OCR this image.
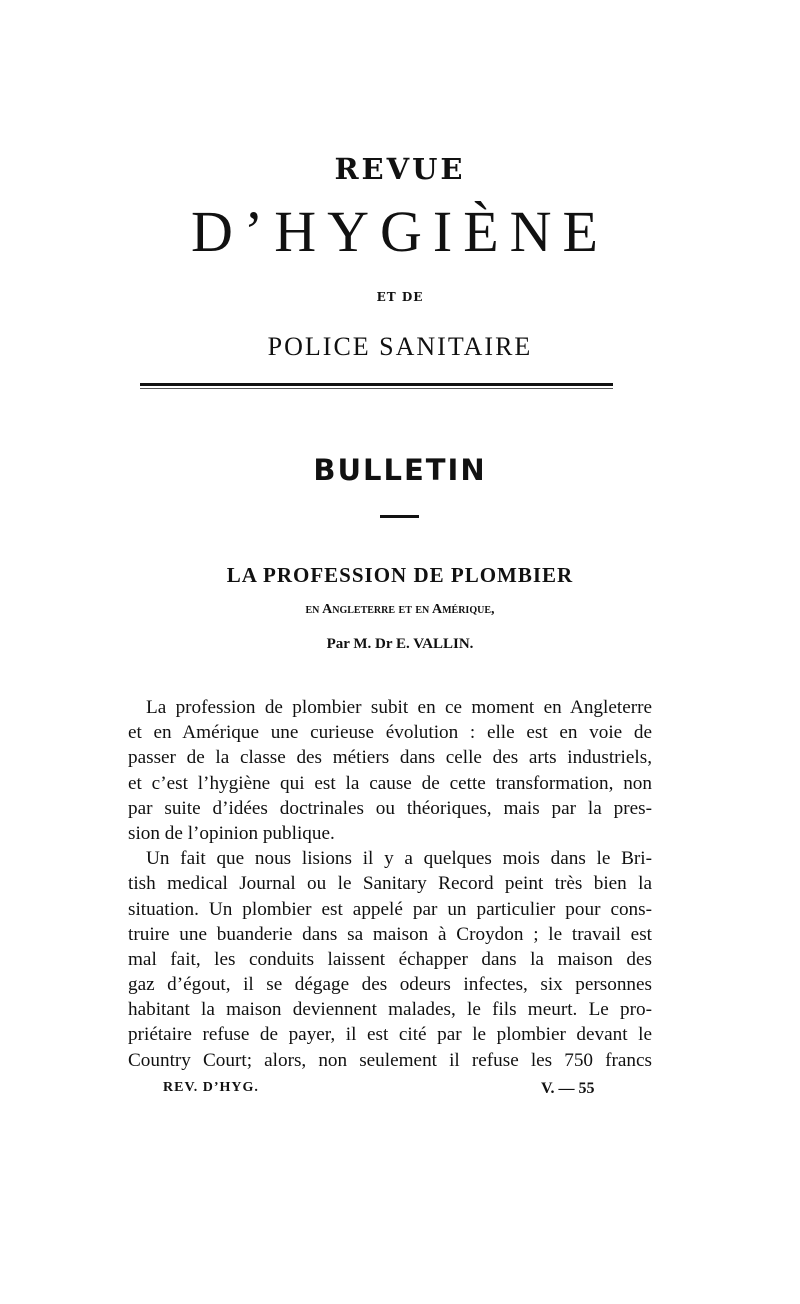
REVUE
D’HYGIÈNE
ET DE
POLICE SANITAIRE
BULLETIN
LA PROFESSION DE PLOMBIER
en Angleterre et en Amérique,
Par M. Dr E. VALLIN.
La profession de plombier subit en ce moment en Angleterre
et en Amérique une curieuse évolution : elle est en voie de
passer de la classe des métiers dans celle des arts industriels,
et c’est l’hygiène qui est la cause de cette transformation, non
par suite d’idées doctrinales ou théoriques, mais par la pres-
sion de l’opinion publique.
Un fait que nous lisions il y a quelques mois dans le Bri-
tish medical Journal ou le Sanitary Record peint très bien la
situation. Un plombier est appelé par un particulier pour cons-
truire une buanderie dans sa maison à Croydon ; le travail est
mal fait, les conduits laissent échapper dans la maison des
gaz d’égout, il se dégage des odeurs infectes, six personnes
habitant la maison deviennent malades, le fils meurt. Le pro-
priétaire refuse de payer, il est cité par le plombier devant le
Country Court; alors, non seulement il refuse les 750 francs
REV. D’HYG.	V. — 55
